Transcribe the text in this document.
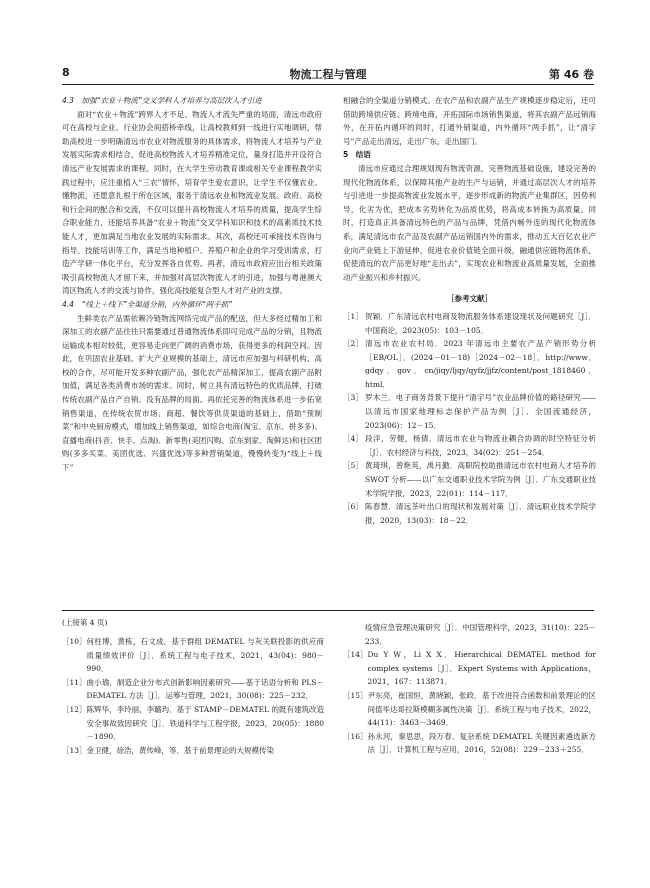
8	物流工程与管理	第 46 卷

4.3　加强“农业＋物流”交叉学科人才培养与高层次人才引进

面对“农业＋物流”跨界人才不足、物流人才流失严重的局面，清远市政府可在高校与企业、行业协会间搭桥牵线，让高校教师到一线进行实地调研，帮助高校进一步明确清远市农业对物流服务的具体需求，将物流人才培养与产业发展实际需求相结合，促进高校物流人才培养精准定位，量身打造并开设符合清远产业发展需求的课程。同时，在大学生劳动教育课或相关专业课程教学实践过程中，应注重植入“三农”情怀，培育学生爱农意识，让学生不仅懂农业、懂物流，还愿意扎根于所在区域，服务于清远农业和物流业发展。政府、高校和行企间的配合和交流，不仅可以提升高校物流人才培养的质量，提高学生综合职业能力，还能培养具备“农业＋物流”交叉学科知识和技术的高素质技术技能人才，更加满足当地农业发展的实际需求。其次，高校还可承接技术咨询与指导、技能培训等工作，满足当地种植户、养殖户和企业的学习受训需求，打造产学研一体化平台，充分发挥各自优势。再者，清远市政府应出台相关政策吸引高校物流人才留下来，并加强对高层次物流人才的引进，加强与粤港澳大湾区物流人才的交流与协作，强化高技能复合型人才对产业的支撑。

4.4　“线上＋线下”全渠道分销，内外循环“两手抓”

生鲜类农产品需依赖冷链物流网络完成产品的配送，但大多经过精加工和深加工的农副产品往往只需要通过普通物流体系即可完成产品的分销，且物流运输成本相对较低，更容易走向更广阔的消费市场，获得更多的利润空间。因此，在巩固农业基础、扩大产业规模的基础上，清远市应加强与科研机构、高校的合作，尽可能开发多种农副产品，强化农产品精深加工，提高农副产品附加值，满足各类消费市场的需求。同时，树立具有清远特色的优质品牌，打破传统农副产品自产自销、没有品牌的局面。再依托完善的物流体系进一步拓宽销售渠道，在传统农贸市场、商超、餐饮等供货渠道的基础上，借助“预制菜”和中央厨房模式，增加线上销售渠道，如综合电商(淘宝、京东、拼多多)、直播电商(抖音、快手、点淘)、新零售(美团闪购、京东到家、淘鲜达)和社区团购(多多买菜、美团优选、兴盛优选)等多种营销渠道，慢慢转变为“线上＋线下”

相融合的全渠道分销模式。在农产品和农副产品生产规模逐步稳定后，还可借助跨境供应链、跨境电商，开拓国际市场销售渠道，将其农副产品远销海外，在开拓内循环的同时，打通外销渠道，内外循环“两手抓”，让“清字号”产品走出清远，走出广东，走出国门。

5　结语

清远市应通过合理规划现有物流资源，完善物流基础设施，建设完善的现代化物流体系，以保障其他产业的生产与运销，并通过高层次人才的培养与引进进一步提高物流业发展水平，逐步形成新的物流产业集群区，因势利导，化劣为优，把成本劣势转化为品质优势，将高成本转换为高质量。同时，打造真正具备清远特色的产品与品牌，凭借内畅外连的现代化物流体系，满足清远市农产品及农副产品运销国内外的需求，推动五大百亿农业产业向产业链上下游延伸，促进农业价值链全面升级，融通供应链物流体系，促使清远的农产品更好地“走出去”，实现农业和物流业高质量发展，全面推动产业振兴和乡村振兴。

［参考文献］
［1］ 贺颖．广东清远农村电商及物流服务体系建设现状及问题研究［J］．中国商论，2023(05)：103－105．
［2］ 清远市农业农村局．2023 年清远市主要农产品产销形势分析［EB/OL］．(2024－01－18)［2024－02－18］．http://www．gdqy．gov．cn/jiqy/ljqy/qyfz/jjfz/content/post_1818460．html．
［3］ 罗木兰．电子商务背景下提升“清字号”农业品牌价值的路径研究——以清远市国家地理标志保护产品为例［J］．全国流通经济，2023(06)：12－15．
［4］ 段洋，劳健，杨倩．清远市农业与物流业耦合协调的时空特征分析［J］．农村经济与科技，2023，34(02)：251－254．
［5］ 黄琦琪，曾艳英，禹月勤．高职院校助推清远市农村电商人才培养的 SWOT 分析——以广东交通职业技术学院为例［J］．广东交通职业技术学院学报，2023，22(01)：114－117．
［6］ 陈春慧．清远茶叶出口的现状和发展对策［J］．清远职业技术学院学报，2020，13(03)：18－22．
(上接第 4 页)
［10］ 何柱博，黄栋，石文成．基于群组 DEMATEL 与灰关联投影的供应商质量绩效评价［J］．系统工程与电子技术，2021，43(04)：980－990．
［11］ 曲小瑜．制造企业分布式创新影响因素研究——基于话语分析和 PLS－DEMATEL 方法［J］．运筹与管理，2021，30(08)：225－232．
［12］ 陈辉华，李玲丽，李璐玙．基于 STAMP－DEMATEL 的既有建筑改造安全事故致因研究［J］．铁道科学与工程学报，2023，20(05)：1880－1890．
［13］ 金卫健，徐浩，黄传峰，等．基于前景理论的大规模传染
疫情应急管理决策研究［J］．中国管理科学，2023，31(10)：225－233．
［14］ Du Y W，Li X X．Hierarchical DEMATEL method for complex systems［J］．Expert Systems with Applications，2021，167：113871．
［15］ 尹东亮，崔国恒，黄晓颖，张政．基于改进符合函数和前景理论的区间值毕达哥拉斯模糊多属性决策［J］．系统工程与电子技术，2022，44(11)：3463－3469．
［16］ 孙永河，秦思思，段万春．复杂系统 DEMATEL 关键因素遴选新方法［J］．计算机工程与应用，2016，52(08)：229－233＋255．
